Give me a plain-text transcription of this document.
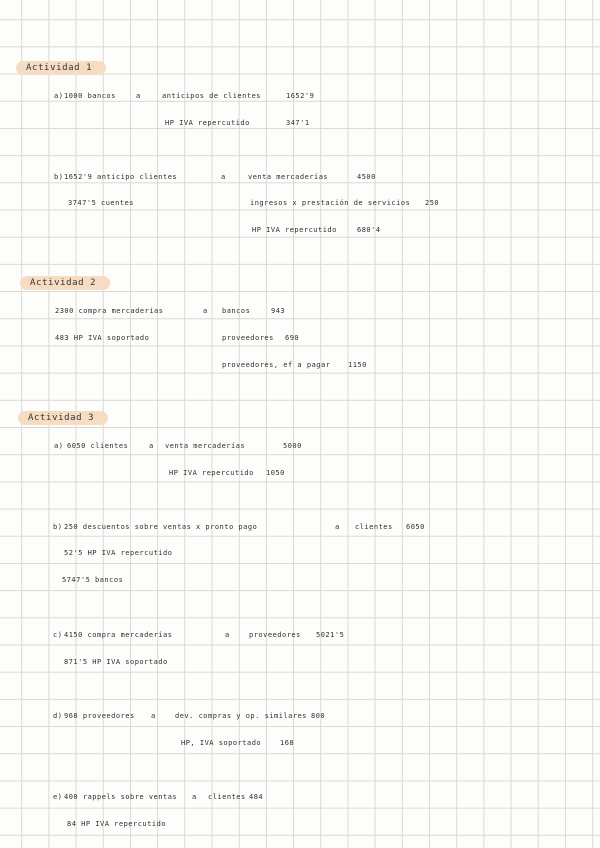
Actividad 1
a) 1000 bancos	a	anticipos de clientes	1652'9
HP IVA repercutido	347'1
b) 1652'9 anticipo clientes	a	venta mercaderías	4500
3747'5 cuentes	ingresos x prestación de servicios 250
HP IVA repercutido	680'4
Actividad 2
2300 compra mercaderías	a bancos	943
483 HP IVA soportado	proveedores 690
proveedores, ef a pagar	1150
Actividad 3
a) 6050 clientes	a venta mercaderías	5000
HP IVA repercutido 1050
b) 250 descuentos sobre ventas x pronto pago	a clientes 6050
52'5 HP IVA repercutido
5747'5 bancos
c) 4150 compra mercaderías	a	proveedores 5021'5
871'5 HP IVA soportado
d) 968 proveedores a	dev. compras y op. similares 800
HP, IVA soportado	168
e) 400 rappels sobre ventas a clientes 484
84 HP IVA repercutido
